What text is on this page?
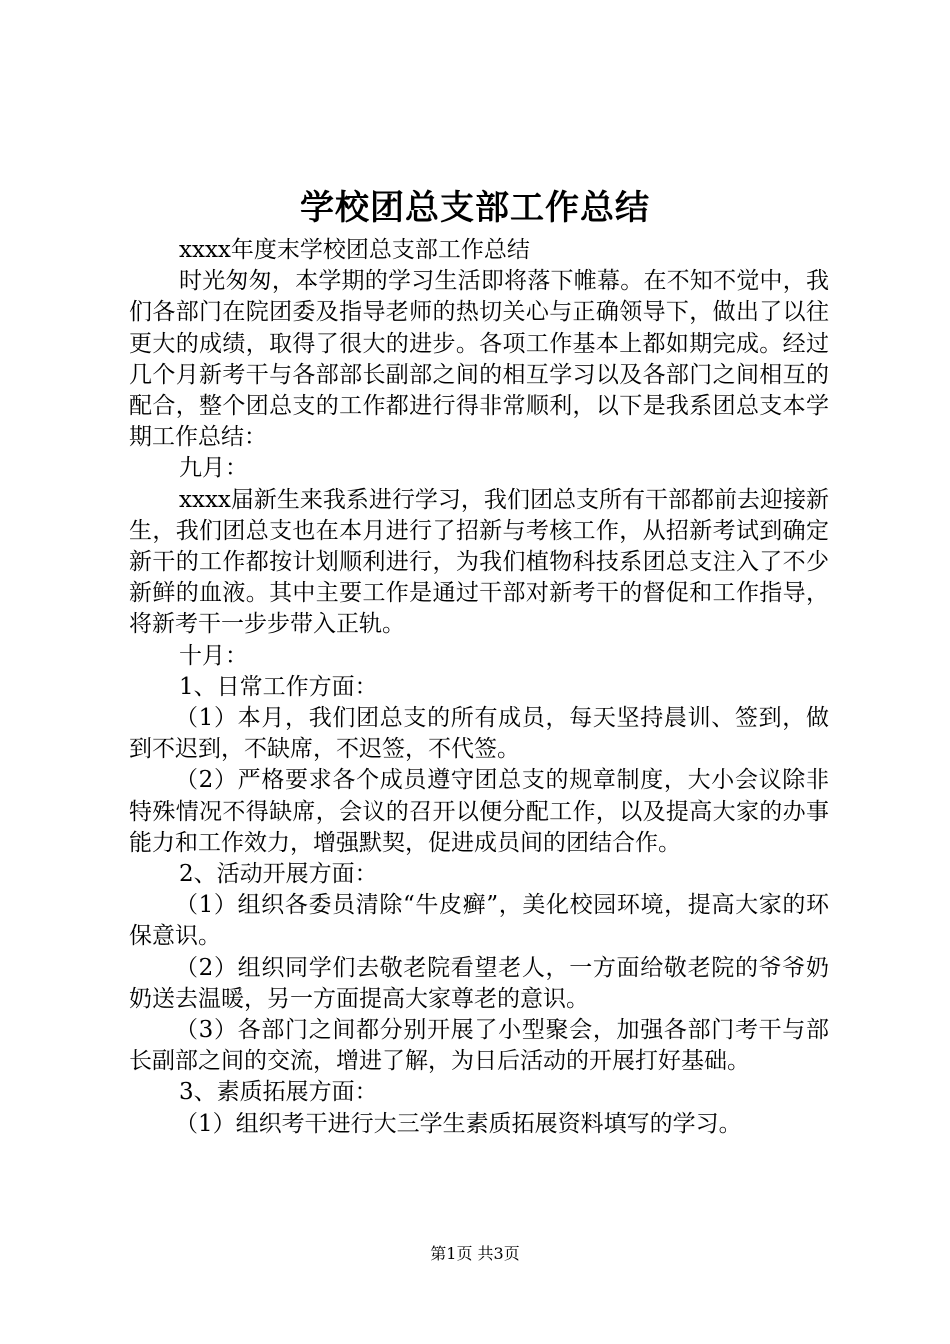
学校团总支部工作总结

xxxx年度末学校团总支部工作总结

时光匆匆，本学期的学习生活即将落下帷幕。在不知不觉中，我们各部门在院团委及指导老师的热切关心与正确领导下，做出了以往更大的成绩，取得了很大的进步。各项工作基本上都如期完成。经过几个月新考干与各部部长副部之间的相互学习以及各部门之间相互的配合，整个团总支的工作都进行得非常顺利，以下是我系团总支本学期工作总结：

九月：

xxxx届新生来我系进行学习，我们团总支所有干部都前去迎接新生，我们团总支也在本月进行了招新与考核工作，从招新考试到确定新干的工作都按计划顺利进行，为我们植物科技系团总支注入了不少新鲜的血液。其中主要工作是通过干部对新考干的督促和工作指导，将新考干一步步带入正轨。

十月：

1、日常工作方面：

（1）本月，我们团总支的所有成员，每天坚持晨训、签到，做到不迟到，不缺席，不迟签，不代签。

（2）严格要求各个成员遵守团总支的规章制度，大小会议除非特殊情况不得缺席，会议的召开以便分配工作，以及提高大家的办事能力和工作效力，增强默契，促进成员间的团结合作。

2、活动开展方面：

（1）组织各委员清除“牛皮癣”，美化校园环境，提高大家的环保意识。

（2）组织同学们去敬老院看望老人，一方面给敬老院的爷爷奶奶送去温暖，另一方面提高大家尊老的意识。

（3）各部门之间都分别开展了小型聚会，加强各部门考干与部长副部之间的交流，增进了解，为日后活动的开展打好基础。

3、素质拓展方面：

（1）组织考干进行大三学生素质拓展资料填写的学习。

第1页 共3页
